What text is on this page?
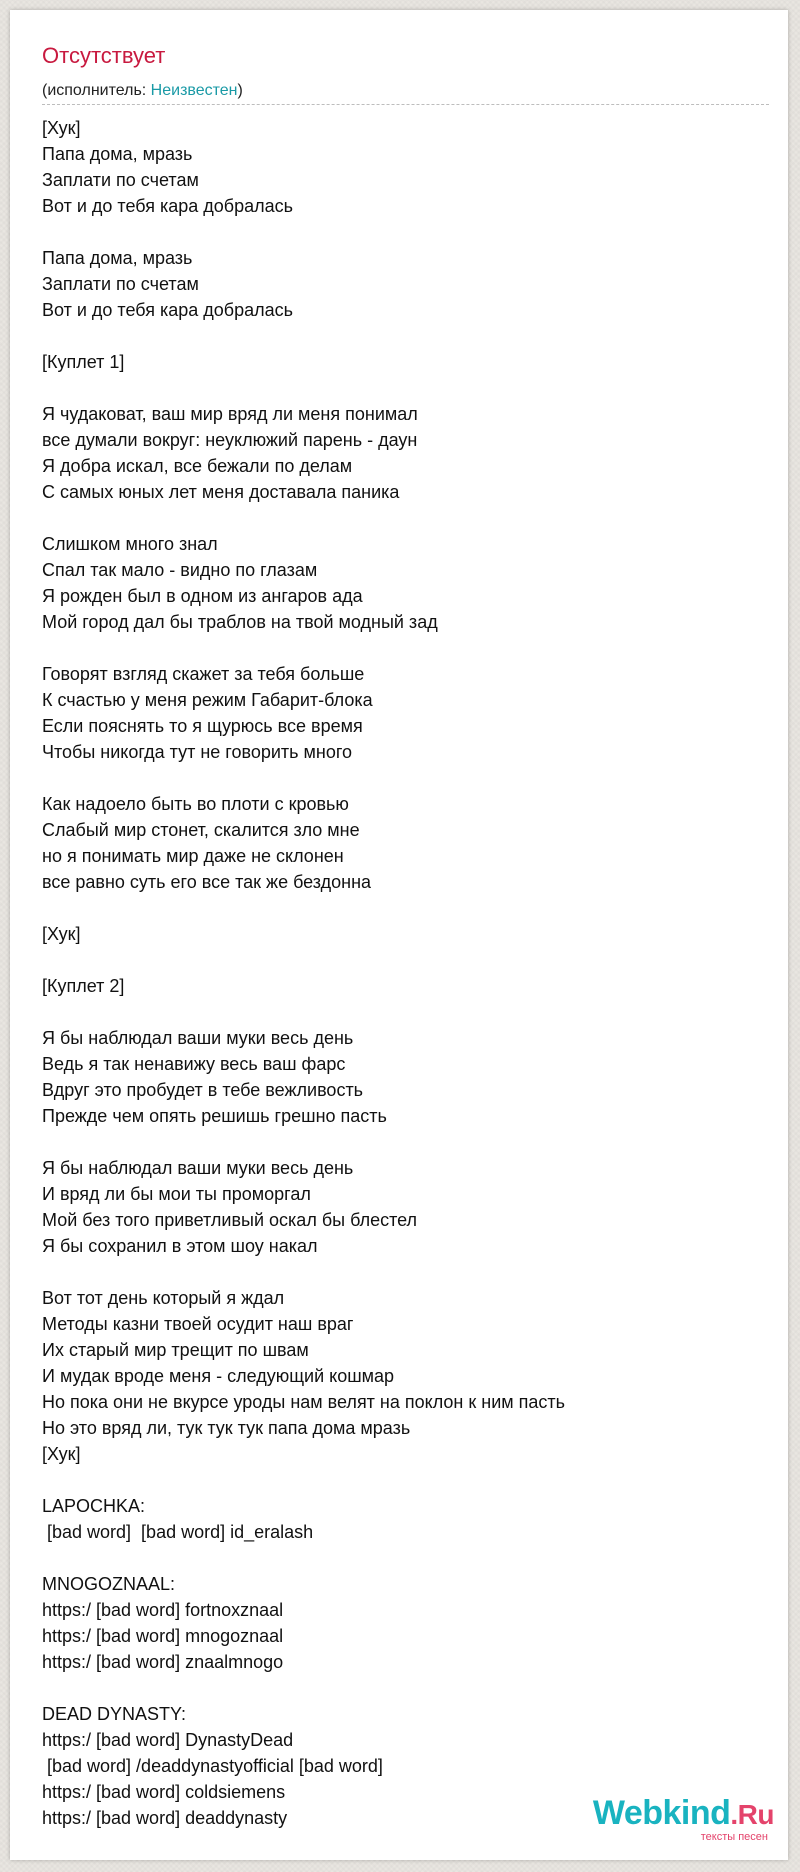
Отсутствует
(исполнитель: Неизвестен)
[Хук]
Папа дома, мразь
Заплати по счетам
Вот и до тебя кара добралась
Папа дома, мразь
Заплати по счетам
Вот и до тебя кара добралась
[Куплет 1]
Я чудаковат, ваш мир вряд ли меня понимал
все думали вокруг: неуклюжий парень - даун
Я добра искал, все бежали по делам
С самых юных лет меня доставала паника
Слишком много знал
Спал так мало - видно по глазам
Я рожден был в одном из ангаров ада
Мой город дал бы траблов на твой модный зад
Говорят взгляд скажет за тебя больше
К счастью у меня режим Габарит-блока
Если пояснять то я щурюсь все время
Чтобы никогда тут не говорить много
Как надоело быть во плоти с кровью
Слабый мир стонет, скалится зло мне
но я понимать мир даже не склонен
все равно суть его все так же бездонна
[Хук]
[Куплет 2]
Я бы наблюдал ваши муки весь день
Ведь я так ненавижу весь ваш фарс
Вдруг это пробудет в тебе вежливость
Прежде чем опять решишь грешно пасть
Я бы наблюдал ваши муки весь день
И вряд ли бы мои ты проморгал
Мой без того приветливый оскал бы блестел
Я бы сохранил в этом шоу накал
Вот тот день который я ждал
Методы казни твоей осудит наш враг
Их старый мир трещит по швам
И мудак вроде меня - следующий кошмар
Но пока они не вкурсе уроды нам велят на поклон к ним пасть
Но это вряд ли, тук тук тук папа дома мразь
[Хук]
LAPOCHKA:
[bad word]  [bad word] id_eralash
MNOGOZNAAL:
https:/ [bad word] fortnoxznaal
https:/ [bad word] mnogoznaal
https:/ [bad word] znaalmnogo
DEAD DYNASTY:
https:/ [bad word] DynastyDead
[bad word] /deaddynastyofficial [bad word]
https:/ [bad word] coldsiemens
https:/ [bad word] deaddynasty	Webkind.Ru
тексты песен
